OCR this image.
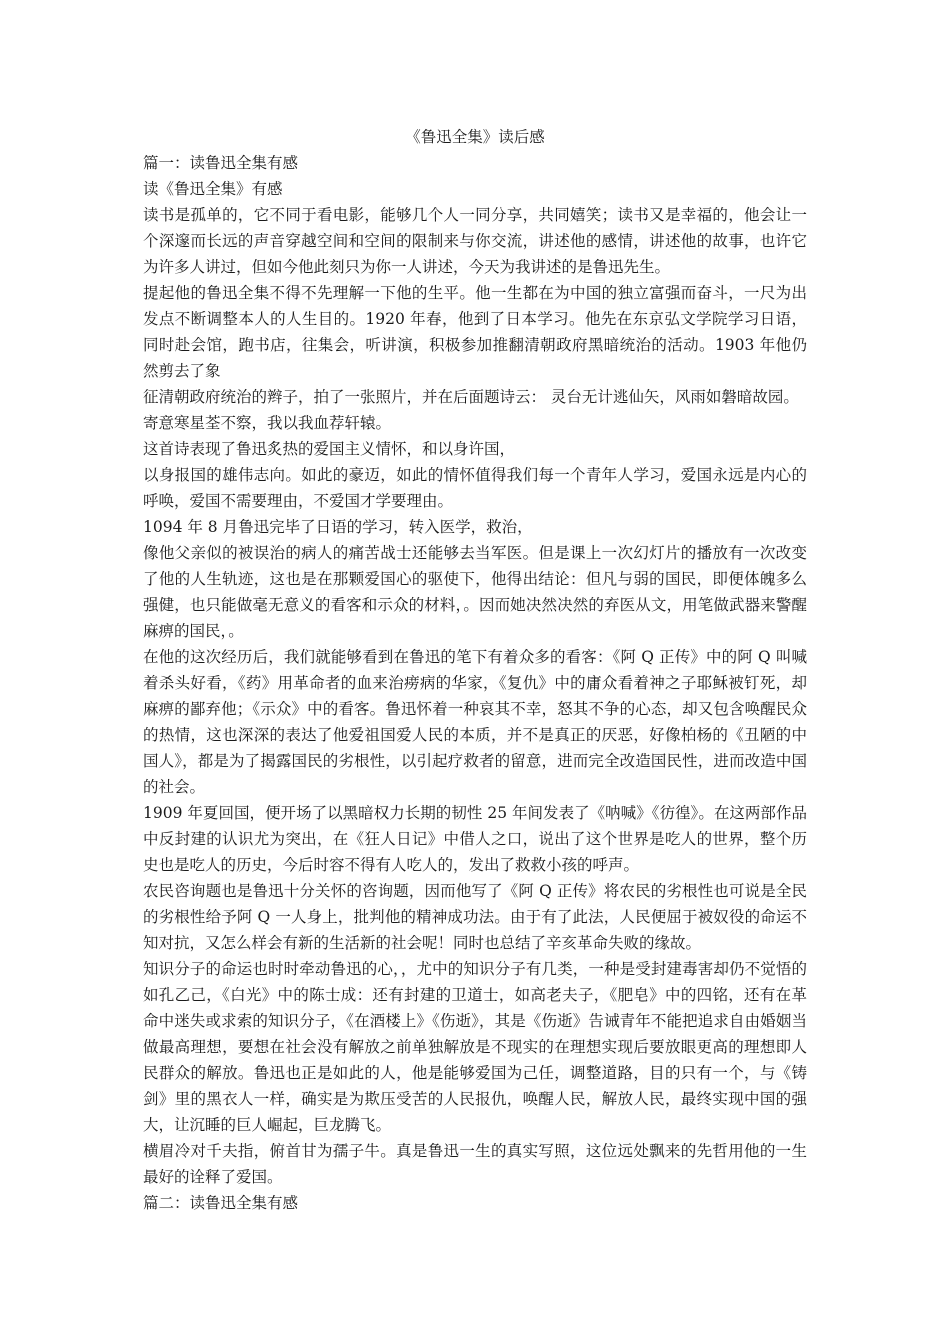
《鲁迅全集》读后感
篇一：读鲁迅全集有感
读《鲁迅全集》有感
读书是孤单的，它不同于看电影，能够几个人一同分享，共同嬉笑；读书又是幸福的，他会让一个深邃而长远的声音穿越空间和空间的限制来与你交流，讲述他的感情，讲述他的故事，也许它为许多人讲过，但如今他此刻只为你一人讲述，今天为我讲述的是鲁迅先生。
提起他的鲁迅全集不得不先理解一下他的生平。他一生都在为中国的独立富强而奋斗，一尺为出发点不断调整本人的人生目的。1920 年春，他到了日本学习。他先在东京弘文学院学习日语，同时赴会馆，跑书店，往集会，听讲演，积极参加推翻清朝政府黑暗统治的活动。1903 年他仍然剪去了象
征清朝政府统治的辫子，拍了一张照片，并在后面题诗云： 灵台无计逃仙矢，风雨如磐暗故园。
寄意寒星荃不察，我以我血荐轩辕。
这首诗表现了鲁迅炙热的爱国主义情怀，和以身许国，
以身报国的雄伟志向。如此的豪迈，如此的情怀值得我们每一个青年人学习，爱国永远是内心的呼唤，爱国不需要理由，不爱国才学要理由。
1094 年 8 月鲁迅完毕了日语的学习，转入医学，救治，
像他父亲似的被误治的病人的痛苦战士还能够去当军医。但是课上一次幻灯片的播放有一次改变了他的人生轨迹，这也是在那颗爱国心的驱使下，他得出结论：但凡与弱的国民，即便体魄多么强健，也只能做毫无意义的看客和示众的材料，。因而她决然决然的弃医从文，用笔做武器来警醒麻痹的国民，。
在他的这次经历后，我们就能够看到在鲁迅的笔下有着众多的看客：《阿 Q 正传》中的阿 Q 叫喊着杀头好看，《药》用革命者的血来治痨病的华家，《复仇》中的庸众看着神之子耶稣被钉死，却麻痹的鄙弃他；《示众》中的看客。鲁迅怀着一种哀其不幸，怒其不争的心态，却又包含唤醒民众的热情，这也深深的表达了他爱祖国爱人民的本质，并不是真正的厌恶，好像柏杨的《丑陋的中国人》，都是为了揭露国民的劣根性，以引起疗救者的留意，进而完全改造国民性，进而改造中国的社会。
1909 年夏回国，便开场了以黑暗权力长期的韧性 25 年间发表了《呐喊》《彷徨》。在这两部作品中反封建的认识尤为突出，在《狂人日记》中借人之口，说出了这个世界是吃人的世界，整个历史也是吃人的历史，今后时容不得有人吃人的，发出了救救小孩的呼声。
农民咨询题也是鲁迅十分关怀的咨询题，因而他写了《阿 Q 正传》将农民的劣根性也可说是全民的劣根性给予阿 Q 一人身上，批判他的精神成功法。由于有了此法，人民便屈于被奴役的命运不知对抗，又怎么样会有新的生活新的社会呢！同时也总结了辛亥革命失败的缘故。
知识分子的命运也时时牵动鲁迅的心，，尤中的知识分子有几类，一种是受封建毒害却仍不觉悟的如孔乙己，《白光》中的陈士成：还有封建的卫道士，如高老夫子，《肥皂》中的四铭，还有在革命中迷失或求索的知识分子，《在酒楼上》《伤逝》，其是《伤逝》告诫青年不能把追求自由婚姻当做最高理想，要想在社会没有解放之前单独解放是不现实的在理想实现后要放眼更高的理想即人民群众的解放。鲁迅也正是如此的人，他是能够爱国为己任，调整道路，目的只有一个，与《铸剑》里的黑衣人一样，确实是为欺压受苦的人民报仇，唤醒人民，解放人民，最终实现中国的强大，让沉睡的巨人崛起，巨龙腾飞。
横眉冷对千夫指，俯首甘为孺子牛。真是鲁迅一生的真实写照，这位远处飘来的先哲用他的一生最好的诠释了爱国。
篇二：读鲁迅全集有感
